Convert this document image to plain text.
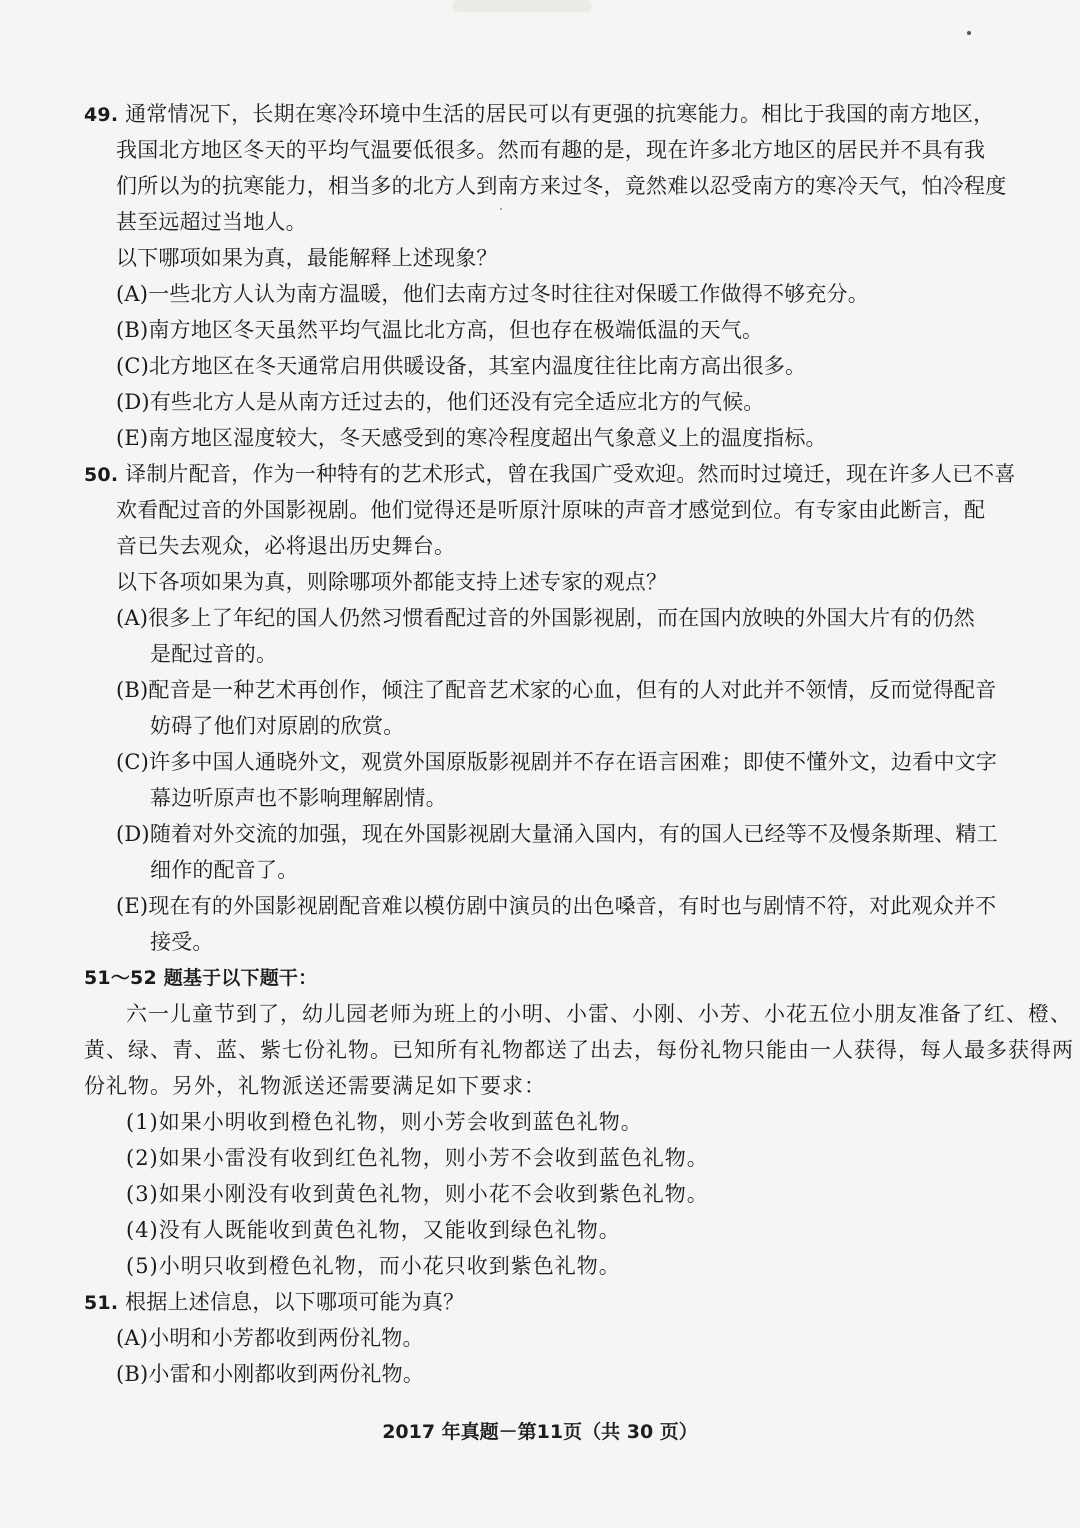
49. 通常情况下，长期在寒冷环境中生活的居民可以有更强的抗寒能力。相比于我国的南方地区，
我国北方地区冬天的平均气温要低很多。然而有趣的是，现在许多北方地区的居民并不具有我
们所以为的抗寒能力，相当多的北方人到南方来过冬，竟然难以忍受南方的寒冷天气，怕冷程度
甚至远超过当地人。
以下哪项如果为真，最能解释上述现象？
(A)一些北方人认为南方温暖，他们去南方过冬时往往对保暖工作做得不够充分。
(B)南方地区冬天虽然平均气温比北方高，但也存在极端低温的天气。
(C)北方地区在冬天通常启用供暖设备，其室内温度往往比南方高出很多。
(D)有些北方人是从南方迁过去的，他们还没有完全适应北方的气候。
(E)南方地区湿度较大，冬天感受到的寒冷程度超出气象意义上的温度指标。
50. 译制片配音，作为一种特有的艺术形式，曾在我国广受欢迎。然而时过境迁，现在许多人已不喜
欢看配过音的外国影视剧。他们觉得还是听原汁原味的声音才感觉到位。有专家由此断言，配
音已失去观众，必将退出历史舞台。
以下各项如果为真，则除哪项外都能支持上述专家的观点？
(A)很多上了年纪的国人仍然习惯看配过音的外国影视剧，而在国内放映的外国大片有的仍然
是配过音的。
(B)配音是一种艺术再创作，倾注了配音艺术家的心血，但有的人对此并不领情，反而觉得配音
妨碍了他们对原剧的欣赏。
(C)许多中国人通晓外文，观赏外国原版影视剧并不存在语言困难；即使不懂外文，边看中文字
幕边听原声也不影响理解剧情。
(D)随着对外交流的加强，现在外国影视剧大量涌入国内，有的国人已经等不及慢条斯理、精工
细作的配音了。
(E)现在有的外国影视剧配音难以模仿剧中演员的出色嗓音，有时也与剧情不符，对此观众并不
接受。
51～52 题基于以下题干：
六一儿童节到了，幼儿园老师为班上的小明、小雷、小刚、小芳、小花五位小朋友准备了红、橙、
黄、绿、青、蓝、紫七份礼物。已知所有礼物都送了出去，每份礼物只能由一人获得，每人最多获得两
份礼物。另外，礼物派送还需要满足如下要求：
(1)如果小明收到橙色礼物，则小芳会收到蓝色礼物。
(2)如果小雷没有收到红色礼物，则小芳不会收到蓝色礼物。
(3)如果小刚没有收到黄色礼物，则小花不会收到紫色礼物。
(4)没有人既能收到黄色礼物，又能收到绿色礼物。
(5)小明只收到橙色礼物，而小花只收到紫色礼物。
51. 根据上述信息，以下哪项可能为真？
(A)小明和小芳都收到两份礼物。
(B)小雷和小刚都收到两份礼物。
2017 年真题－第11页（共 30 页）
